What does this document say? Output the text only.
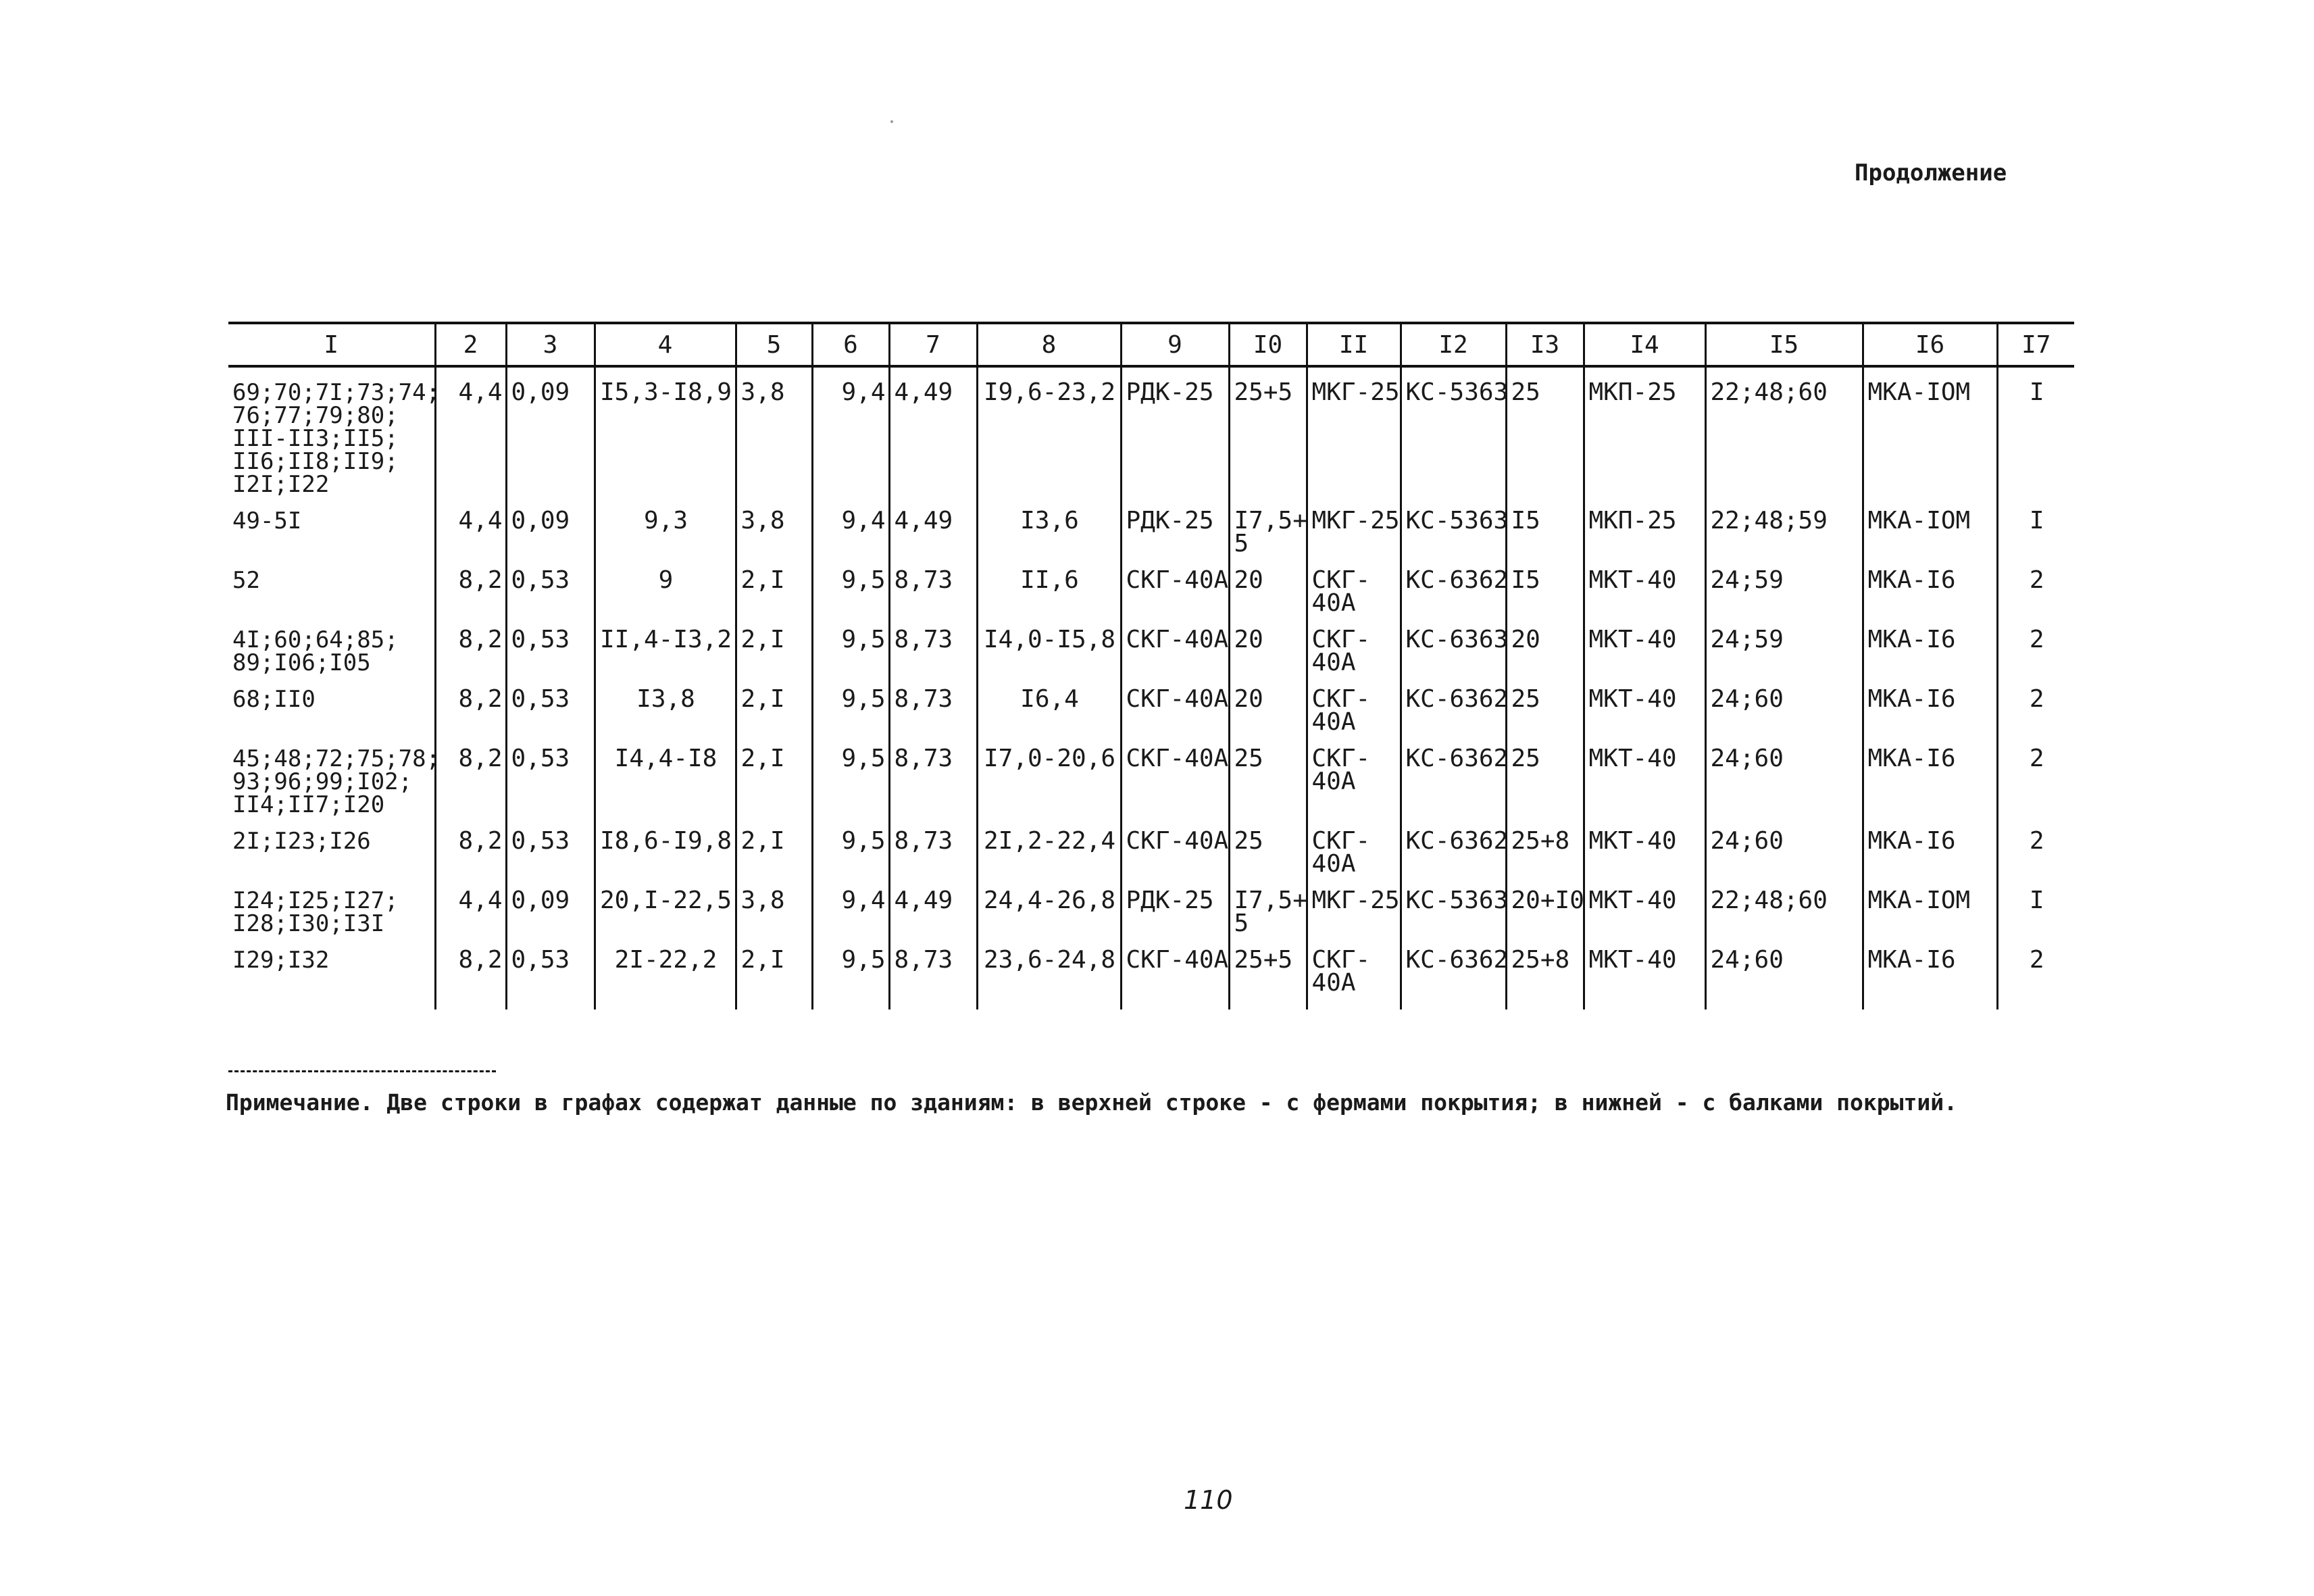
Продолжение
I	2	3	4	5	6	7	8	9	I0	II	I2	I3	I4	I5	I6	I7
69;70;7I;73;74;
76;77;79;80;
III-II3;II5;
II6;II8;II9;
I2I;I22	4,4	0,09	I5,3-I8,9	3,8	9,4	4,49	I9,6-23,2	РДК-25	25+5	МКГ-25	КС-5363	25	МКП-25	22;48;60	МКА-IOМ	I
49-5I	4,4	0,09	9,3	3,8	9,4	4,49	I3,6	РДК-25	I7,5+
5	МКГ-25	КС-5363	I5	МКП-25	22;48;59	МКА-IOМ	I
52	8,2	0,53	9	2,I	9,5	8,73	II,6	СКГ-40А	20	СКГ-
40А	КС-6362	I5	МКТ-40	24;59	МКА-I6	2
4I;60;64;85;
89;I06;I05	8,2	0,53	II,4-I3,2	2,I	9,5	8,73	I4,0-I5,8	СКГ-40А	20	СКГ-
40А	КС-6363	20	МКТ-40	24;59	МКА-I6	2
68;II0	8,2	0,53	I3,8	2,I	9,5	8,73	I6,4	СКГ-40А	20	СКГ-
40А	КС-6362	25	МКТ-40	24;60	МКА-I6	2
45;48;72;75;78;
93;96;99;I02;
II4;II7;I20	8,2	0,53	I4,4-I8	2,I	9,5	8,73	I7,0-20,6	СКГ-40А	25	СКГ-
40А	КС-6362	25	МКТ-40	24;60	МКА-I6	2
2I;I23;I26	8,2	0,53	I8,6-I9,8	2,I	9,5	8,73	2I,2-22,4	СКГ-40А	25	СКГ-
40А	КС-6362	25+8	МКТ-40	24;60	МКА-I6	2
I24;I25;I27;
I28;I30;I3I	4,4	0,09	20,I-22,5	3,8	9,4	4,49	24,4-26,8	РДК-25	I7,5+
5	МКГ-25	КС-5363	20+I0	МКТ-40	22;48;60	МКА-IOМ	I
I29;I32	8,2	0,53	2I-22,2	2,I	9,5	8,73	23,6-24,8	СКГ-40А	25+5	СКГ-
40А	КС-6362	25+8	МКТ-40	24;60	МКА-I6	2
Примечание. Две строки в графах содержат данные по зданиям: в верхней строке - с фермами покрытия; в нижней - с балками покрытий.
110
